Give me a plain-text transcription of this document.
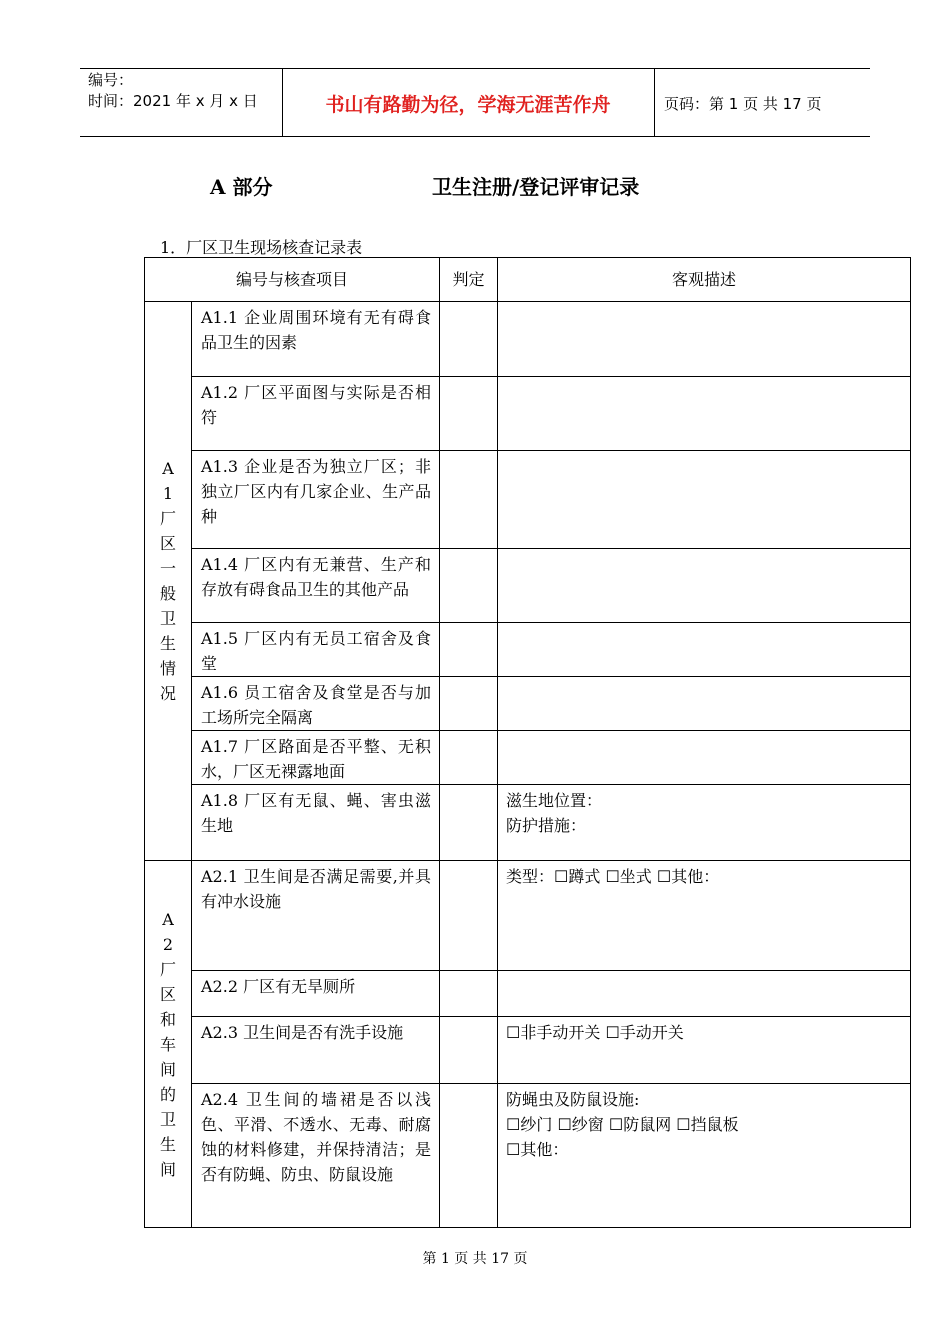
编号：
时间：2021 年 x 月 x 日	书山有路勤为径，学海无涯苦作舟	页码：第 1 页 共 17 页
A 部分	卫生注册/登记评审记录
1．厂区卫生现场核查记录表
编号与核查项目		判定	客观描述

A1厂区一般卫生情况	A1.1 企业周围环境有无有碍食品卫生的因素		

	A1.2 厂区平面图与实际是否相符		

	A1.3 企业是否为独立厂区；非独立厂区内有几家企业、生产品种		

	A1.4 厂区内有无兼营、生产和存放有碍食品卫生的其他产品		

	A1.5 厂区内有无员工宿舍及食堂		

	A1.6 员工宿舍及食堂是否与加工场所完全隔离		

	A1.7 厂区路面是否平整、无积水，厂区无裸露地面		

	A1.8 厂区有无鼠、蝇、害虫滋生地		滋生地位置：
防护措施：

A2厂区和车间的卫生间	A2.1 卫生间是否满足需要,并具有冲水设施		类型：☐蹲式 ☐坐式 ☐其他：

	A2.2 厂区有无旱厕所		

	A2.3 卫生间是否有洗手设施		☐非手动开关 ☐手动开关

	A2.4 卫生间的墙裙是否以浅色、平滑、不透水、无毒、耐腐蚀的材料修建，并保持清洁；是否有防蝇、防虫、防鼠设施		防蝇虫及防鼠设施:
☐纱门 ☐纱窗 ☐防鼠网 ☐挡鼠板
☐其他：
第 1 页 共 17 页
